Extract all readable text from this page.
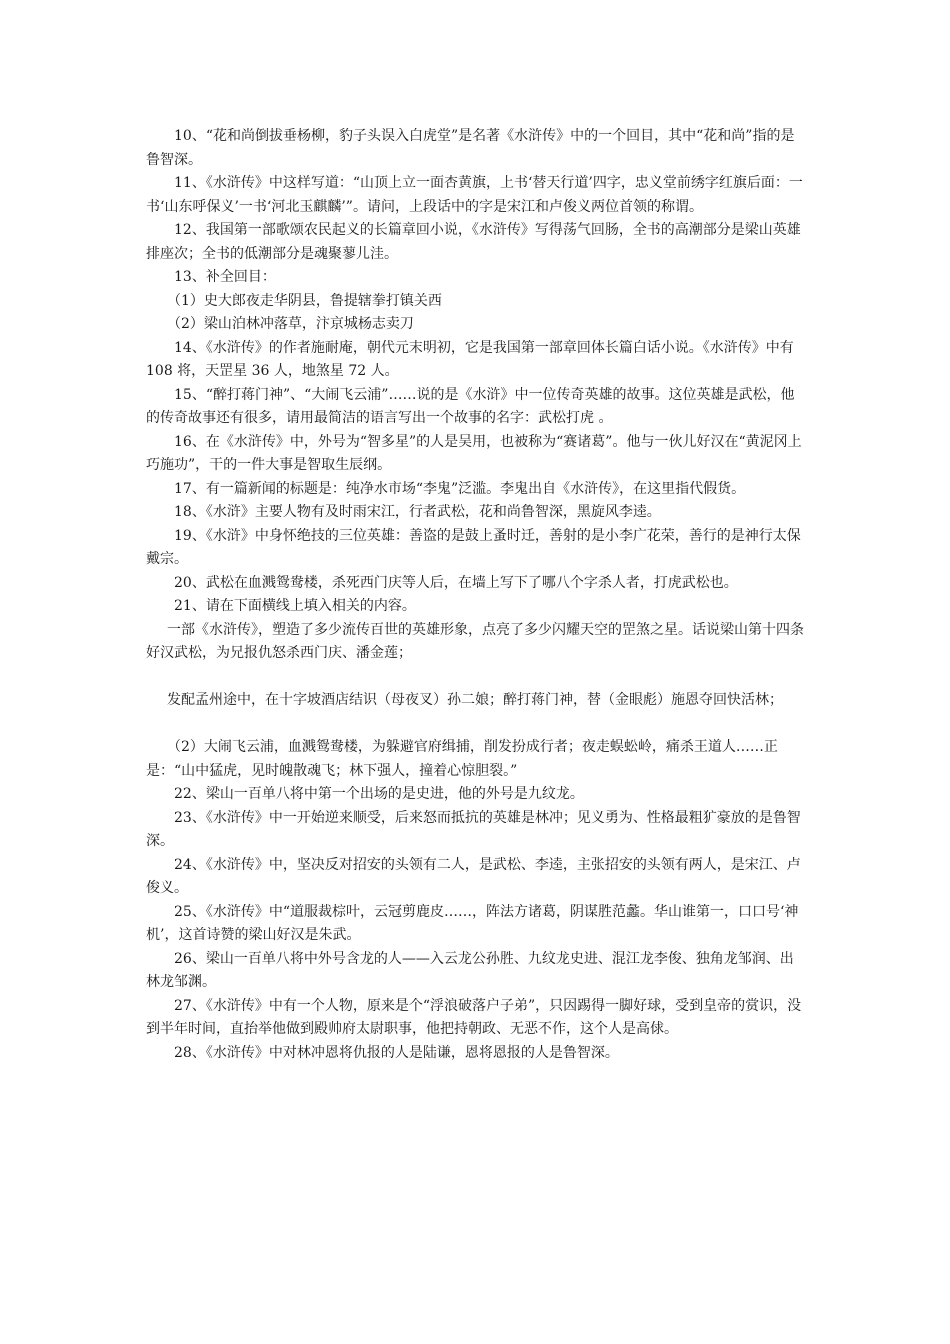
10、“花和尚倒拔垂杨柳，豹子头误入白虎堂”是名著《水浒传》中的一个回目，其中“花和尚”指的是鲁智深。

11、《水浒传》中这样写道：“山顶上立一面杏黄旗，上书‘替天行道’四字，忠义堂前绣字红旗后面：一书‘山东呼保义’一书‘河北玉麒麟’”。请问，上段话中的字是宋江和卢俊义两位首领的称谓。

12、我国第一部歌颂农民起义的长篇章回小说，《水浒传》写得荡气回肠，全书的高潮部分是梁山英雄排座次；全书的低潮部分是魂聚蓼儿洼。

13、补全回目：

（1）史大郎夜走华阴县，鲁提辖拳打镇关西

（2）梁山泊林冲落草，汴京城杨志卖刀

14、《水浒传》的作者施耐庵，朝代元末明初，它是我国第一部章回体长篇白话小说。《水浒传》中有 108 将，天罡星 36 人，地煞星 72 人。

15、“醉打蒋门神”、“大闹飞云浦”……说的是《水浒》中一位传奇英雄的故事。这位英雄是武松，他的传奇故事还有很多，请用最简洁的语言写出一个故事的名字：武松打虎 。

16、在《水浒传》中，外号为“智多星”的人是吴用，也被称为“赛诸葛”。他与一伙儿好汉在“黄泥冈上巧施功”，干的一件大事是智取生辰纲。

17、有一篇新闻的标题是：纯净水市场“李鬼”泛滥。李鬼出自《水浒传》，在这里指代假货。

18、《水浒》主要人物有及时雨宋江，行者武松，花和尚鲁智深，黑旋风李逵。

19、《水浒》中身怀绝技的三位英雄：善盗的是鼓上蚤时迁，善射的是小李广花荣，善行的是神行太保戴宗。

20、武松在血溅鸳鸯楼，杀死西门庆等人后，在墙上写下了哪八个字杀人者，打虎武松也。

21、请在下面横线上填入相关的内容。

一部《水浒传》，塑造了多少流传百世的英雄形象，点亮了多少闪耀天空的罡煞之星。话说梁山第十四条好汉武松，为兄报仇怒杀西门庆、潘金莲；

发配孟州途中，在十字坡酒店结识（母夜叉）孙二娘；醉打蒋门神，替（金眼彪）施恩夺回快活林；

（2）大闹飞云浦，血溅鸳鸯楼，为躲避官府缉捕，削发扮成行者；夜走蜈蚣岭，痛杀王道人……正是：“山中猛虎，见时魄散魂飞；林下强人，撞着心惊胆裂。”

22、梁山一百单八将中第一个出场的是史进，他的外号是九纹龙。

23、《水浒传》中一开始逆来顺受，后来怒而抵抗的英雄是林冲；见义勇为、性格最粗犷豪放的是鲁智深。

24、《水浒传》中，坚决反对招安的头领有二人，是武松、李逵，主张招安的头领有两人，是宋江、卢俊义。

25、《水浒传》中“道服裁棕叶，云冠剪鹿皮……，阵法方诸葛，阴谋胜范蠡。华山谁第一，口口号‘神机’，这首诗赞的梁山好汉是朱武。

26、梁山一百单八将中外号含龙的人——入云龙公孙胜、九纹龙史进、混江龙李俊、独角龙邹润、出林龙邹渊。

27、《水浒传》中有一个人物，原来是个“浮浪破落户子弟”，只因踢得一脚好球，受到皇帝的赏识，没到半年时间，直抬举他做到殿帅府太尉职事，他把持朝政、无恶不作，这个人是高俅。

28、《水浒传》中对林冲恩将仇报的人是陆谦，恩将恩报的人是鲁智深。
